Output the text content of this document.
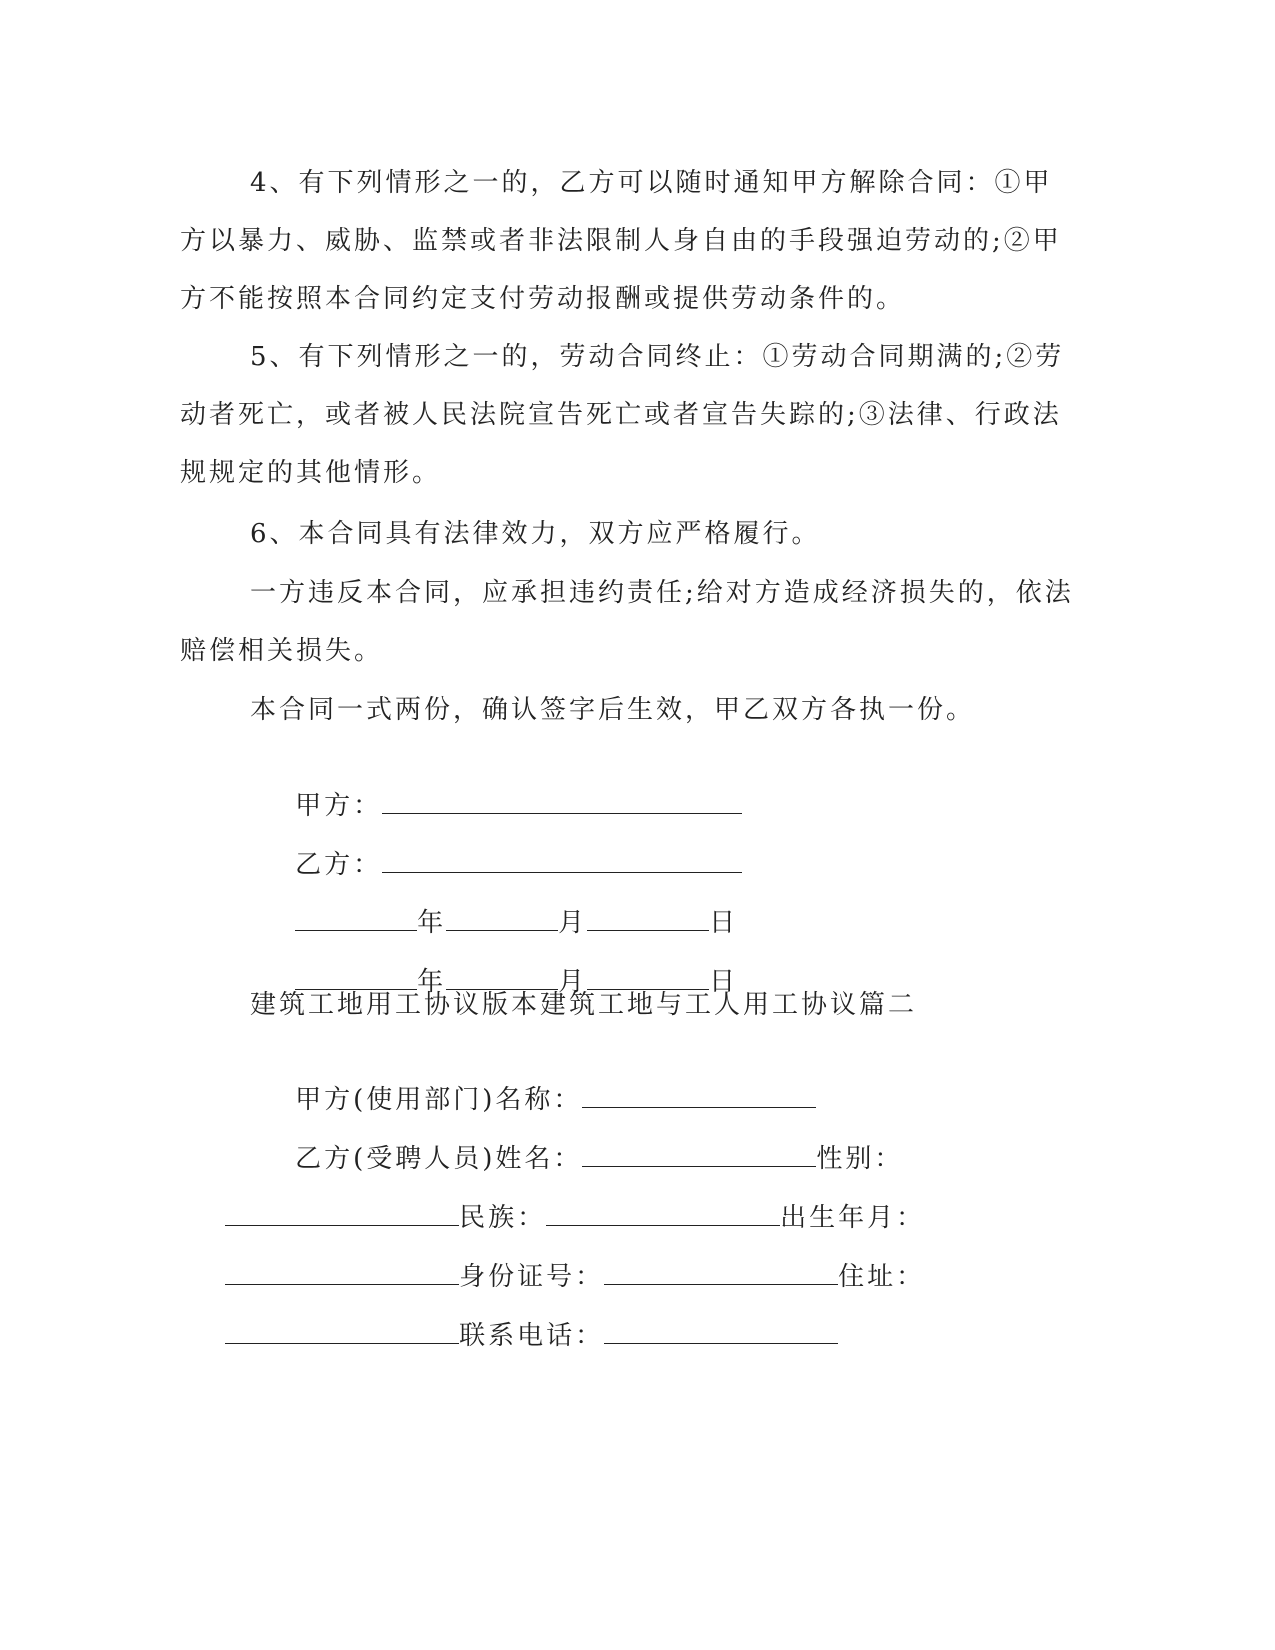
4、有下列情形之一的，乙方可以随时通知甲方解除合同：①甲
方以暴力、威胁、监禁或者非法限制人身自由的手段强迫劳动的;②甲
方不能按照本合同约定支付劳动报酬或提供劳动条件的。
5、有下列情形之一的，劳动合同终止：①劳动合同期满的;②劳
动者死亡，或者被人民法院宣告死亡或者宣告失踪的;③法律、行政法
规规定的其他情形。
6、本合同具有法律效力，双方应严格履行。
一方违反本合同，应承担违约责任;给对方造成经济损失的，依法
赔偿相关损失。
本合同一式两份，确认签字后生效，甲乙双方各执一份。

甲方：

乙方：

年	月	日

年	月	日

建筑工地用工协议版本建筑工地与工人用工协议篇二

甲方(使用部门)名称：

乙方(受聘人员)姓名：	性别：

民族：	出生年月：

身份证号：	住址：

联系电话：
